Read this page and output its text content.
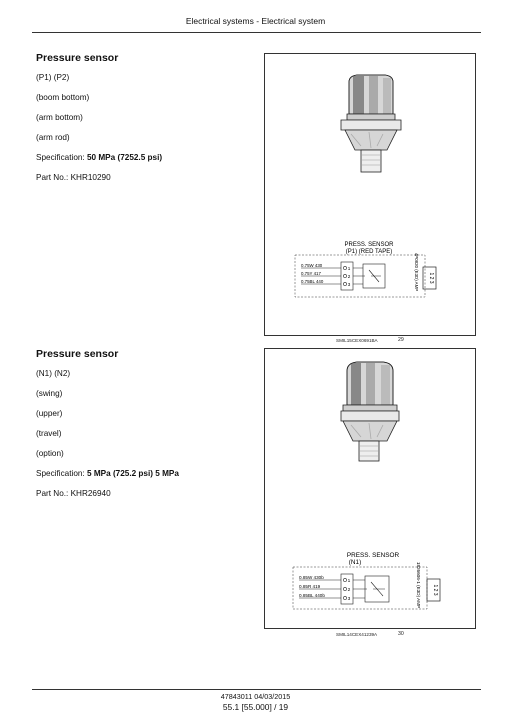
Electrical systems - Electrical system
Pressure sensor
(P1) (P2)
(boom bottom)
(arm bottom)
(arm rod)
Specification: 50 MPa (7252.5 psi)
Part No.: KHR10290
PRESS. SENSOR
(P1) (RED TAPE)
0.75W 430
0.75Y 417
0.75BL 440
1
2
3	4P0820 (E3D) AMP 1 2 3
SMIL15CEX0691BA	29
Pressure sensor
(N1) (N2)
(swing)
(upper)
(travel)
(option)
Specification: 5 MPa (725.2 psi) 5 MPa
Part No.: KHR26940
PRESS. SENSOR
(N1)
0.85W 430b
0.85R 419
0.85BL 440b
1
2
3	1826606-1 (E3D) AMP 1 2 3
SMIL14CEX41239A	30
47843011 04/03/2015
55.1 [55.000] / 19
